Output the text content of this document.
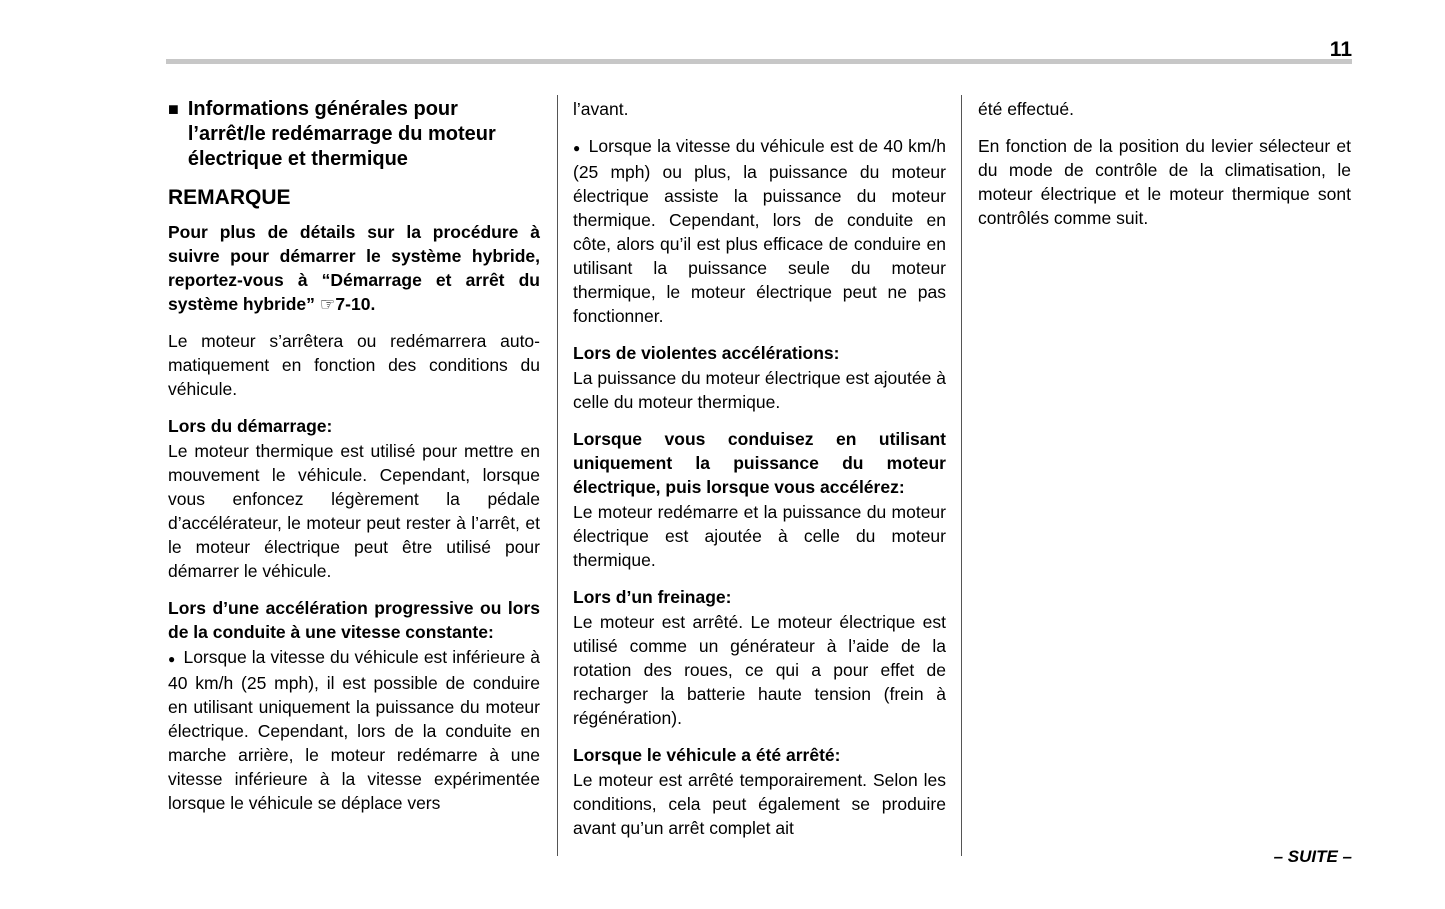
11
■ Informations générales pour l’arrêt/le redémarrage du moteur électrique et thermique
REMARQUE

Pour plus de détails sur la procédure à suivre pour démarrer le système hybride, reportez-vous à “Démarrage et arrêt du système hybride” ☞7-10.

Le moteur s’arrêtera ou redémarrera automatiquement en fonction des conditions du véhicule.

Lors du démarrage:

Le moteur thermique est utilisé pour mettre en mouvement le véhicule. Cependant, lorsque vous enfoncez légèrement la pédale d’accélérateur, le moteur peut rester à l’arrêt, et le moteur électrique peut être utilisé pour démarrer le véhicule.

Lors d’une accélération progressive ou lors de la conduite à une vitesse constante:

● Lorsque la vitesse du véhicule est inférieure à 40 km/h (25 mph), il est possible de conduire en utilisant uniquement la puissance du moteur électrique. Cependant, lors de la conduite en marche arrière, le moteur redémarre à une vitesse inférieure à la vitesse expérimentée lorsque le véhicule se déplace vers

l’avant.

● Lorsque la vitesse du véhicule est de 40 km/h (25 mph) ou plus, la puissance du moteur électrique assiste la puissance du moteur thermique. Cependant, lors de conduite en côte, alors qu’il est plus efficace de conduire en utilisant la puissance seule du moteur thermique, le moteur électrique peut ne pas fonctionner.

Lors de violentes accélérations:

La puissance du moteur électrique est ajoutée à celle du moteur thermique.

Lorsque vous conduisez en utilisant uniquement la puissance du moteur électrique, puis lorsque vous accélérez:

Le moteur redémarre et la puissance du moteur électrique est ajoutée à celle du moteur thermique.

Lors d’un freinage:

Le moteur est arrêté. Le moteur électrique est utilisé comme un générateur à l’aide de la rotation des roues, ce qui a pour effet de recharger la batterie haute tension (frein à régénération).

Lorsque le véhicule a été arrêté:

Le moteur est arrêté temporairement. Selon les conditions, cela peut également se produire avant qu’un arrêt complet ait

été effectué.

En fonction de la position du levier sélecteur et du mode de contrôle de la climatisation, le moteur électrique et le moteur thermique sont contrôlés comme suit.

– SUITE –
